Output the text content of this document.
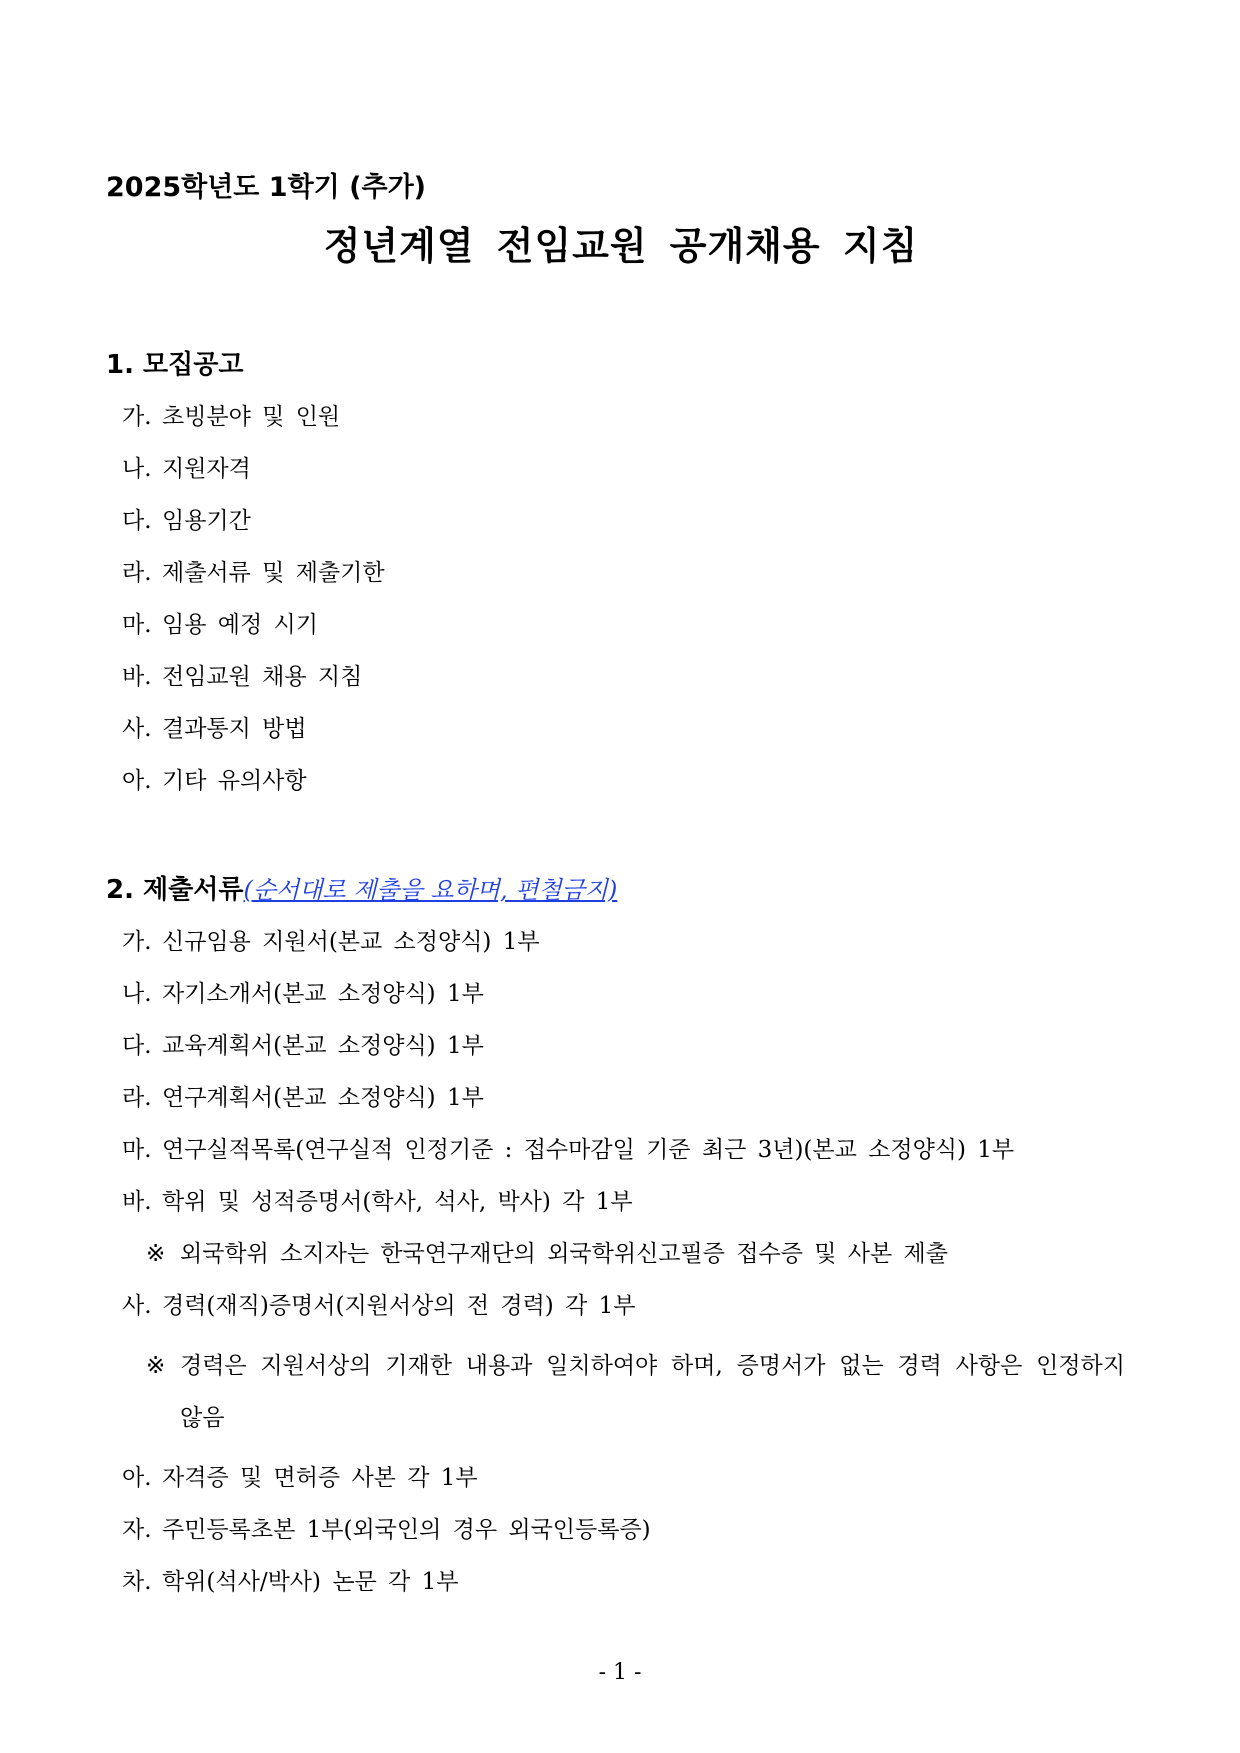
2025학년도 1학기 (추가)

정년계열 전임교원 공개채용 지침

1. 모집공고

가. 초빙분야 및 인원
나. 지원자격
다. 임용기간
라. 제출서류 및 제출기한
마. 임용 예정 시기
바. 전임교원 채용 지침
사. 결과통지 방법
아. 기타 유의사항

2. 제출서류(순서대로 제출을 요하며, 편철금지)

가. 신규임용 지원서(본교 소정양식) 1부
나. 자기소개서(본교 소정양식) 1부
다. 교육계획서(본교 소정양식) 1부
라. 연구계획서(본교 소정양식) 1부
마. 연구실적목록(연구실적 인정기준 : 접수마감일 기준 최근 3년)(본교 소정양식) 1부
바. 학위 및 성적증명서(학사, 석사, 박사) 각 1부
※ 외국학위 소지자는 한국연구재단의 외국학위신고필증 접수증 및 사본 제출
사. 경력(재직)증명서(지원서상의 전 경력) 각 1부
※ 경력은 지원서상의 기재한 내용과 일치하여야 하며, 증명서가 없는 경력 사항은 인정하지 않음
아. 자격증 및 면허증 사본 각 1부
자. 주민등록초본 1부(외국인의 경우 외국인등록증)
차. 학위(석사/박사) 논문 각 1부
- 1 -
